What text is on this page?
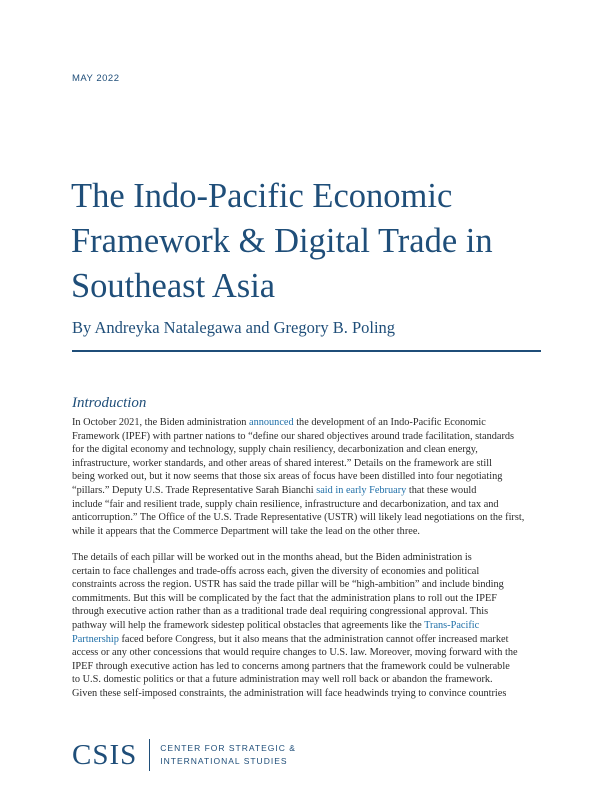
MAY 2022
The Indo-Pacific Economic
Framework & Digital Trade in
Southeast Asia
By Andreyka Natalegawa and Gregory B. Poling
Introduction
In October 2021, the Biden administration announced the development of an Indo-Pacific Economic
Framework (IPEF) with partner nations to “define our shared objectives around trade facilitation, standards
for the digital economy and technology, supply chain resiliency, decarbonization and clean energy,
infrastructure, worker standards, and other areas of shared interest.” Details on the framework are still
being worked out, but it now seems that those six areas of focus have been distilled into four negotiating
“pillars.” Deputy U.S. Trade Representative Sarah Bianchi said in early February that these would
include “fair and resilient trade, supply chain resilience, infrastructure and decarbonization, and tax and
anticorruption.” The Office of the U.S. Trade Representative (USTR) will likely lead negotiations on the first,
while it appears that the Commerce Department will take the lead on the other three.
The details of each pillar will be worked out in the months ahead, but the Biden administration is
certain to face challenges and trade-offs across each, given the diversity of economies and political
constraints across the region. USTR has said the trade pillar will be “high-ambition” and include binding
commitments. But this will be complicated by the fact that the administration plans to roll out the IPEF
through executive action rather than as a traditional trade deal requiring congressional approval. This
pathway will help the framework sidestep political obstacles that agreements like the Trans-Pacific
Partnership faced before Congress, but it also means that the administration cannot offer increased market
access or any other concessions that would require changes to U.S. law. Moreover, moving forward with the
IPEF through executive action has led to concerns among partners that the framework could be vulnerable
to U.S. domestic politics or that a future administration may well roll back or abandon the framework.
Given these self-imposed constraints, the administration will face headwinds trying to convince countries
CSIS	CENTER FOR STRATEGIC &
INTERNATIONAL STUDIES
